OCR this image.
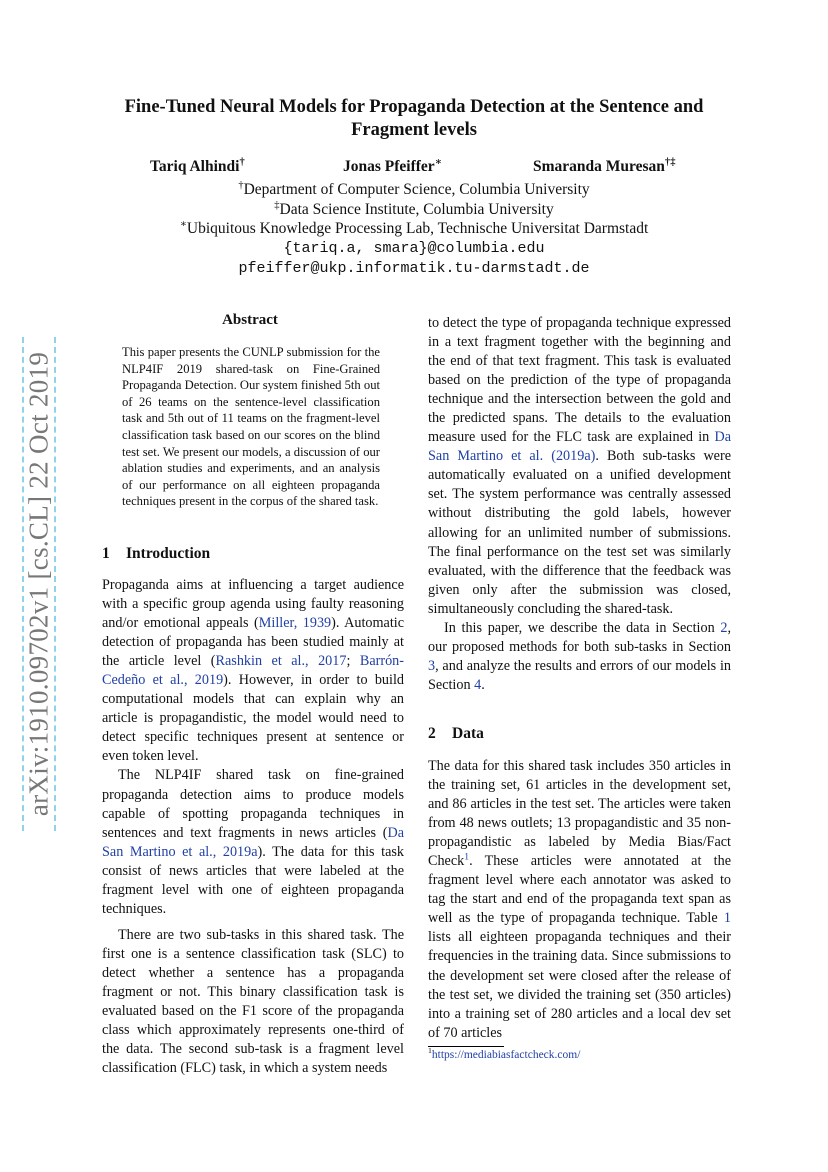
arXiv:1910.09702v1 [cs.CL] 22 Oct 2019
Fine-Tuned Neural Models for Propaganda Detection at the Sentence and Fragment levels
Tariq Alhindi†	Jonas Pfeiffer∗	Smaranda Muresan†‡
†Department of Computer Science, Columbia University
‡Data Science Institute, Columbia University
∗Ubiquitous Knowledge Processing Lab, Technische Universitat Darmstadt
{tariq.a, smara}@columbia.edu
pfeiffer@ukp.informatik.tu-darmstadt.de
Abstract
This paper presents the CUNLP submission for the NLP4IF 2019 shared-task on Fine-Grained Propaganda Detection. Our system finished 5th out of 26 teams on the sentence-level classification task and 5th out of 11 teams on the fragment-level classification task based on our scores on the blind test set. We present our models, a discussion of our ablation studies and experiments, and an analysis of our performance on all eighteen propaganda techniques present in the corpus of the shared task.
1 Introduction

Propaganda aims at influencing a target audience with a specific group agenda using faulty reasoning and/or emotional appeals (Miller, 1939). Automatic detection of propaganda has been studied mainly at the article level (Rashkin et al., 2017; Barrón-Cedeño et al., 2019). However, in order to build computational models that can explain why an article is propagandistic, the model would need to detect specific techniques present at sentence or even token level.

The NLP4IF shared task on fine-grained propaganda detection aims to produce models capable of spotting propaganda techniques in sentences and text fragments in news articles (Da San Martino et al., 2019a). The data for this task consist of news articles that were labeled at the fragment level with one of eighteen propaganda techniques.

There are two sub-tasks in this shared task. The first one is a sentence classification task (SLC) to detect whether a sentence has a propaganda fragment or not. This binary classification task is evaluated based on the F1 score of the propaganda class which approximately represents one-third of the data. The second sub-task is a fragment level classification (FLC) task, in which a system needs

to detect the type of propaganda technique expressed in a text fragment together with the beginning and the end of that text fragment. This task is evaluated based on the prediction of the type of propaganda technique and the intersection between the gold and the predicted spans. The details to the evaluation measure used for the FLC task are explained in Da San Martino et al. (2019a). Both sub-tasks were automatically evaluated on a unified development set. The system performance was centrally assessed without distributing the gold labels, however allowing for an unlimited number of submissions. The final performance on the test set was similarly evaluated, with the difference that the feedback was given only after the submission was closed, simultaneously concluding the shared-task.

In this paper, we describe the data in Section 2, our proposed methods for both sub-tasks in Section 3, and analyze the results and errors of our models in Section 4.

2 Data

The data for this shared task includes 350 articles in the training set, 61 articles in the development set, and 86 articles in the test set. The articles were taken from 48 news outlets; 13 propagandistic and 35 non-propagandistic as labeled by Media Bias/Fact Check$^1$. These articles were annotated at the fragment level where each annotator was asked to tag the start and end of the propaganda text span as well as the type of propaganda technique. Table 1 lists all eighteen propaganda techniques and their frequencies in the training data. Since submissions to the development set were closed after the release of the test set, we divided the training set (350 articles) into a training set of 280 articles and a local dev set of 70 articles

$^1$https://mediabiasfactcheck.com/
